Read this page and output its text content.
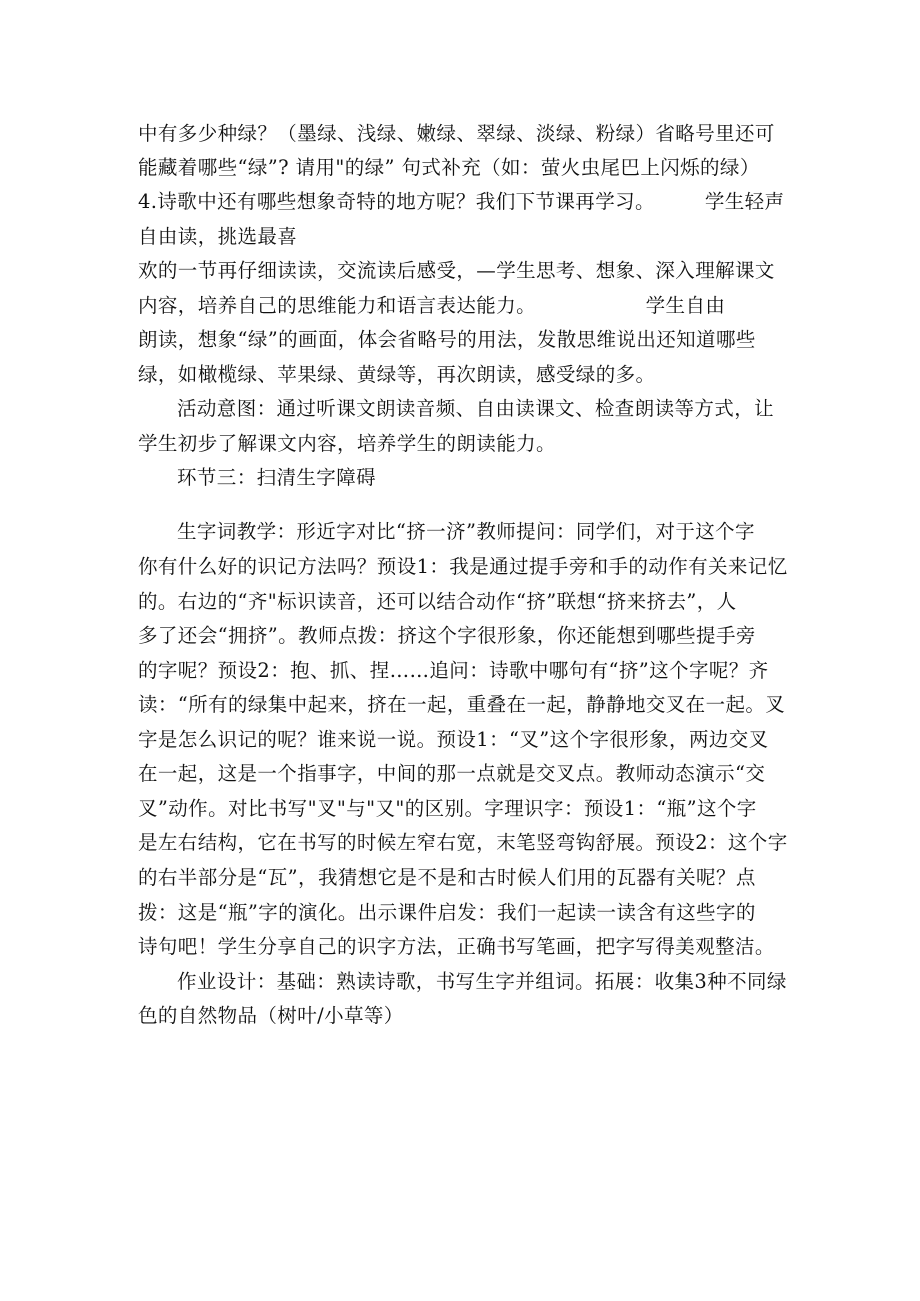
中有多少种绿？（墨绿、浅绿、嫩绿、翠绿、淡绿、粉绿）省略号里还可
能藏着哪些“绿”? 请用"的绿” 句式补充（如：萤火虫尾巴上闪烁的绿）
4.诗歌中还有哪些想象奇特的地方呢？我们下节课再学习。　　　学生轻声
自由读，挑选最喜
欢的一节再仔细读读，交流读后感受，—学生思考、想象、深入理解课文
内容，培养自己的思维能力和语言表达能力。　　　　　　学生自由
朗读，想象“绿”的画面，体会省略号的用法，发散思维说出还知道哪些
绿，如橄榄绿、苹果绿、黄绿等，再次朗读，感受绿的多。
活动意图：通过听课文朗读音频、自由读课文、检查朗读等方式，让
学生初步了解课文内容，培养学生的朗读能力。
环节三：扫清生字障碍
生字词教学：形近字对比“挤一济”教师提问：同学们，对于这个字
你有什么好的识记方法吗？预设1：我是通过提手旁和手的动作有关来记忆
的。右边的“齐"标识读音，还可以结合动作“挤”联想“挤来挤去”，人
多了还会“拥挤”。教师点拨：挤这个字很形象，你还能想到哪些提手旁
的字呢？预设2：抱、抓、捏……追问：诗歌中哪句有“挤”这个字呢？齐
读：“所有的绿集中起来，挤在一起，重叠在一起，静静地交叉在一起。叉
字是怎么识记的呢？谁来说一说。预设1：“叉”这个字很形象，两边交叉
在一起，这是一个指事字，中间的那一点就是交叉点。教师动态演示“交
叉”动作。对比书写"叉"与"又"的区别。字理识字：预设1：“瓶”这个字
是左右结构，它在书写的时候左窄右宽，末笔竖弯钩舒展。预设2：这个字
的右半部分是“瓦”，我猜想它是不是和古时候人们用的瓦器有关呢？点
拨：这是“瓶”字的演化。出示课件启发：我们一起读一读含有这些字的
诗句吧！学生分享自己的识字方法，正确书写笔画，把字写得美观整洁。
作业设计：基础：熟读诗歌，书写生字并组词。拓展：收集3种不同绿
色的自然物品（树叶/小草等）
